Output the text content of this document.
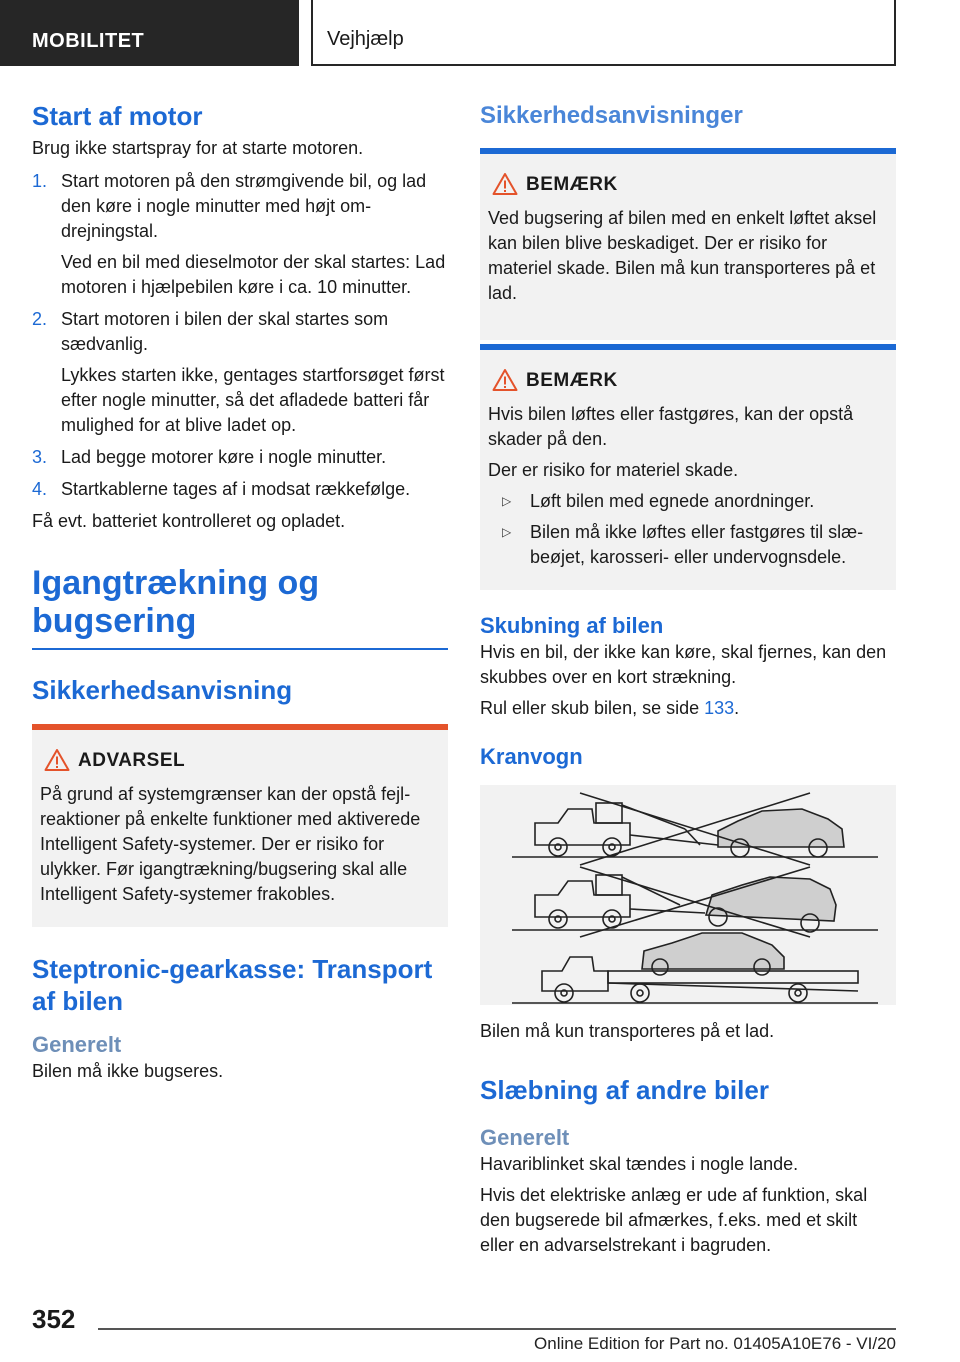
MOBILITET	Vejhjælp
Start af motor

Brug ikke startspray for at starte motoren.

1. Start motoren på den strømgivende bil, og lad den køre i nogle minutter med højt omdrejningstal.
Ved en bil med dieselmotor der skal startes: Lad motoren i hjælpebilen køre i ca. 10 minutter.
2. Start motoren i bilen der skal startes som sædvanlig.
Lykkes starten ikke, gentages startforsøget først efter nogle minutter, så det afladede batteri får mulighed for at blive ladet op.
3. Lad begge motorer køre i nogle minutter.
4. Startkablerne tages af i modsat rækkefølge.

Få evt. batteriet kontrolleret og opladet.

Igangtrækning og bugsering
Sikkerhedsanvisning
ADVARSEL

På grund af systemgrænser kan der opstå fejlreaktioner på enkelte funktioner med aktiverede Intelligent Safety-systemer. Der er risiko for ulykker. Før igangtrækning/bugsering skal alle Intelligent Safety-systemer frakobles.

Steptronic-gearkasse: Transport af bilen
Generelt

Bilen må ikke bugseres.

Sikkerhedsanvisninger
BEMÆRK

Ved bugsering af bilen med en enkelt løftet aksel kan bilen blive beskadiget. Der er risiko for materiel skade. Bilen må kun transporteres på et lad.

BEMÆRK

Hvis bilen løftes eller fastgøres, kan der opstå skader på den.

Der er risiko for materiel skade.

▷ Løft bilen med egnede anordninger.
▷ Bilen må ikke løftes eller fastgøres til slæbeøjet, karosseri- eller undervognsdele.
Skubning af bilen

Hvis en bil, der ikke kan køre, skal fjernes, kan den skubbes over en kort strækning.

Rul eller skub bilen, se side 133.

Kranvogn

Bilen må kun transporteres på et lad.

Slæbning af andre biler
Generelt

Havariblinket skal tændes i nogle lande.

Hvis det elektriske anlæg er ude af funktion, skal den bugserede bil afmærkes, f.eks. med et skilt eller en advarselstrekant i bagruden.

352
Online Edition for Part no. 01405A10E76 - VI/20
